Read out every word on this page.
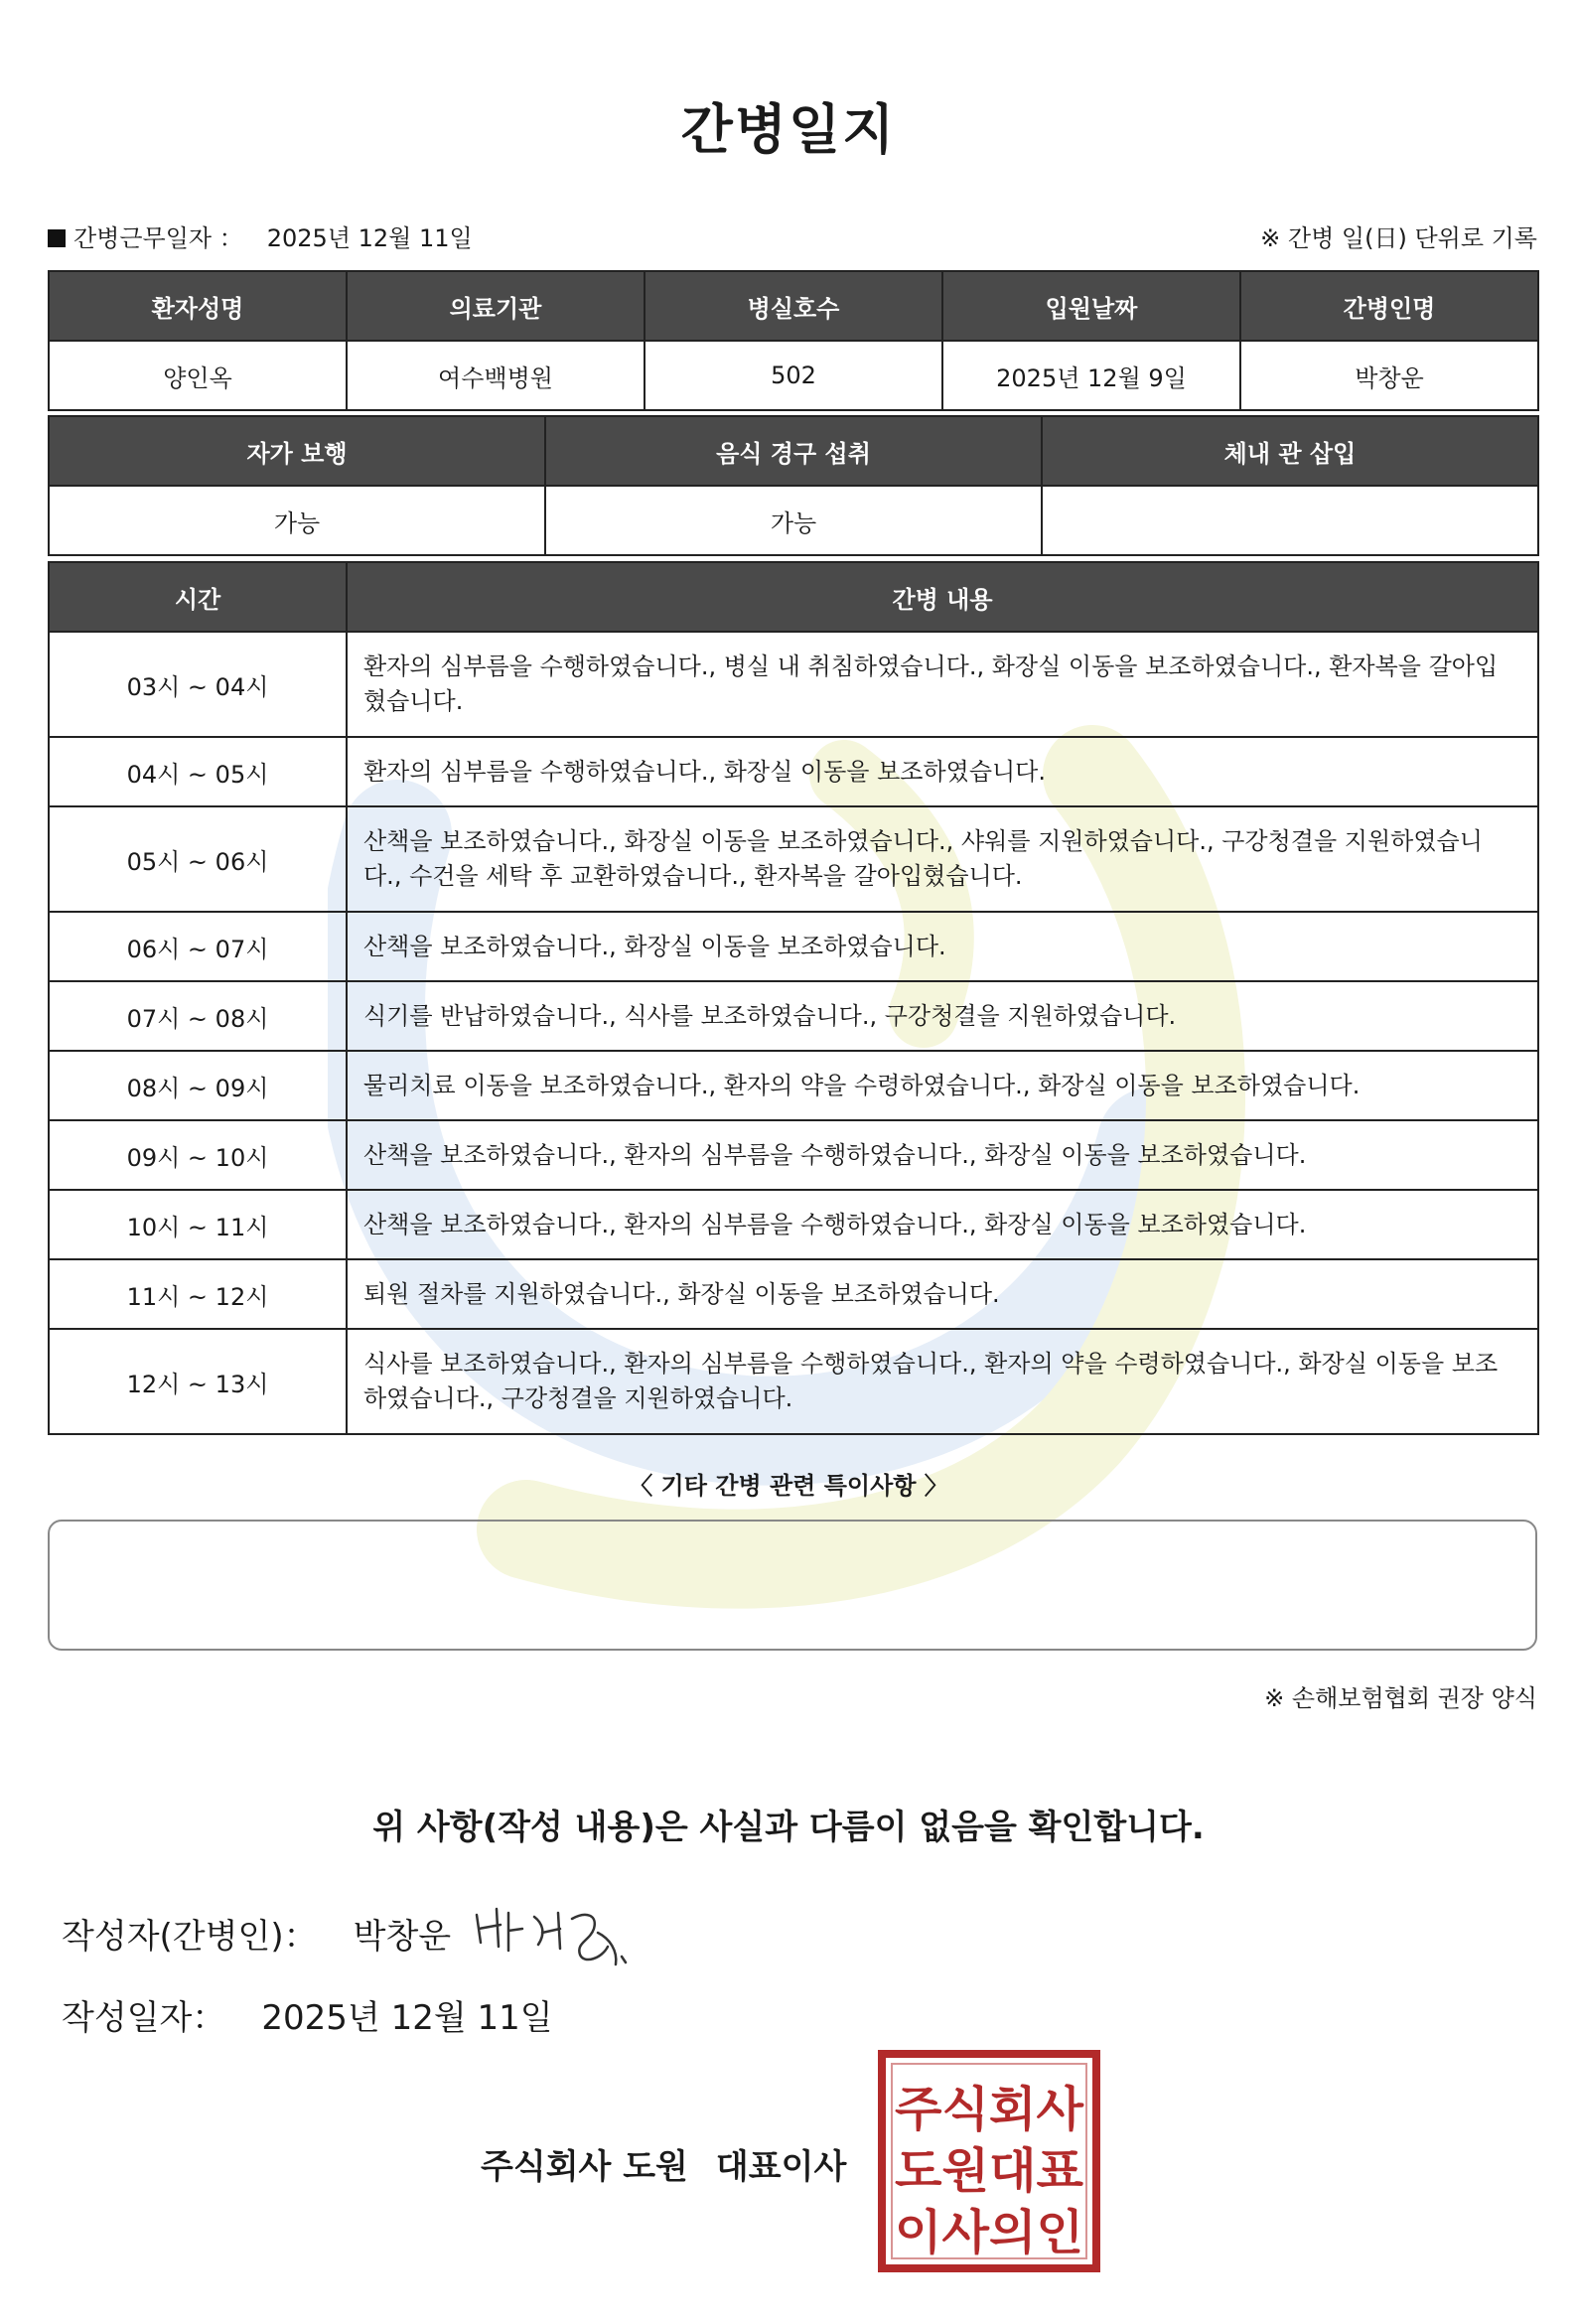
간병일지
간병근무일자 ： 2025년 12월 11일	※ 간병 일(日) 단위로 기록
환자성명	의료기관	병실호수	입원날짜	간병인명
양인옥	여수백병원	502	2025년 12월 9일	박창운
자가 보행	음식 경구 섭취	체내 관 삽입
가능	가능	
시간	간병 내용
03시 ~ 04시	환자의 심부름을 수행하였습니다., 병실 내 취침하였습니다., 화장실 이동을 보조하였습니다., 환자복을 갈아입혔습니다.
04시 ~ 05시	환자의 심부름을 수행하였습니다., 화장실 이동을 보조하였습니다.
05시 ~ 06시	산책을 보조하였습니다., 화장실 이동을 보조하였습니다., 샤워를 지원하였습니다., 구강청결을 지원하였습니다., 수건을 세탁 후 교환하였습니다., 환자복을 갈아입혔습니다.
06시 ~ 07시	산책을 보조하였습니다., 화장실 이동을 보조하였습니다.
07시 ~ 08시	식기를 반납하였습니다., 식사를 보조하였습니다., 구강청결을 지원하였습니다.
08시 ~ 09시	물리치료 이동을 보조하였습니다., 환자의 약을 수령하였습니다., 화장실 이동을 보조하였습니다.
09시 ~ 10시	산책을 보조하였습니다., 환자의 심부름을 수행하였습니다., 화장실 이동을 보조하였습니다.
10시 ~ 11시	산책을 보조하였습니다., 환자의 심부름을 수행하였습니다., 화장실 이동을 보조하였습니다.
11시 ~ 12시	퇴원 절차를 지원하였습니다., 화장실 이동을 보조하였습니다.
12시 ~ 13시	식사를 보조하였습니다., 환자의 심부름을 수행하였습니다., 환자의 약을 수령하였습니다., 화장실 이동을 보조하였습니다., 구강청결을 지원하였습니다.
〈 기타 간병 관련 특이사항 〉
※ 손해보험협회 권장 양식
위 사항(작성 내용)은 사실과 다름이 없음을 확인합니다.
작성자(간병인)： 박창운
작성일자： 2025년 12월 11일
주식회사 도원 대표이사
주식회사
도원대표
이사의인
